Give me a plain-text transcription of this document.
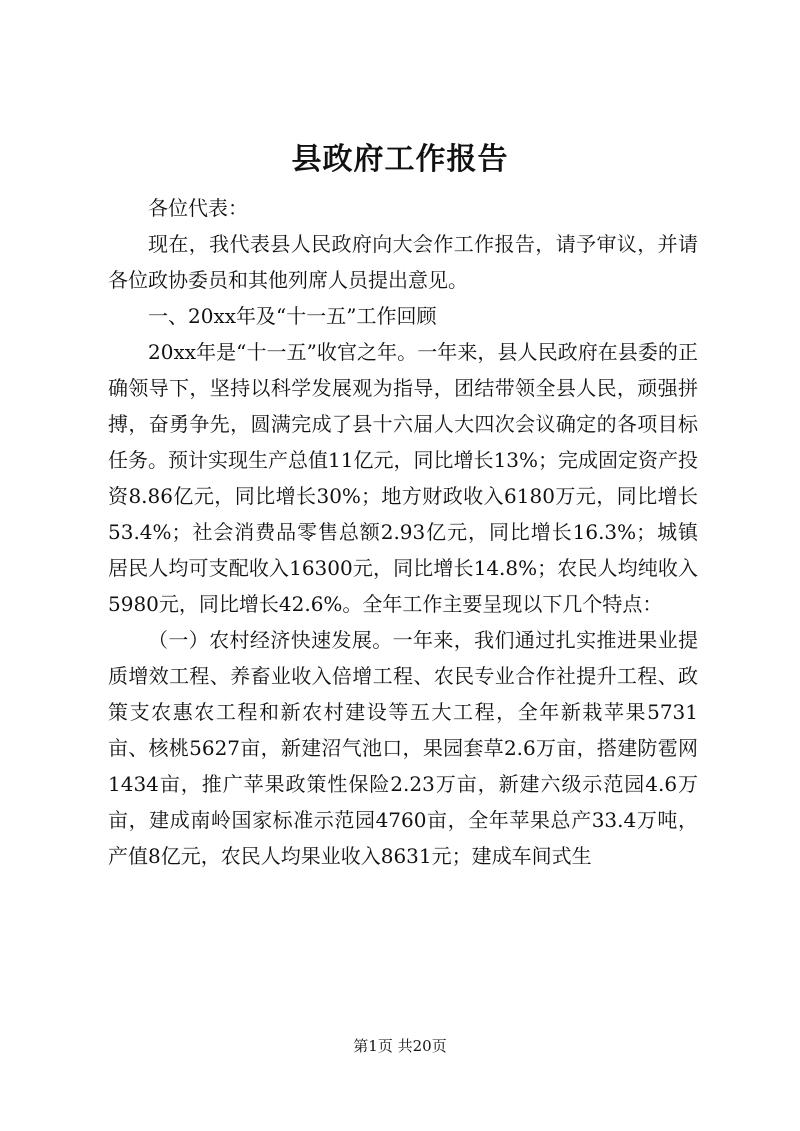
县政府工作报告

各位代表：

现在，我代表县人民政府向大会作工作报告，请予审议，并请各位政协委员和其他列席人员提出意见。

一、20xx年及“十一五”工作回顾

20xx年是“十一五”收官之年。一年来，县人民政府在县委的正确领导下，坚持以科学发展观为指导，团结带领全县人民，顽强拼搏，奋勇争先，圆满完成了县十六届人大四次会议确定的各项目标任务。预计实现生产总值11亿元，同比增长13%；完成固定资产投资8.86亿元，同比增长30%；地方财政收入6180万元，同比增长53.4%；社会消费品零售总额2.93亿元，同比增长16.3%；城镇居民人均可支配收入16300元，同比增长14.8%；农民人均纯收入5980元，同比增长42.6%。全年工作主要呈现以下几个特点：

（一）农村经济快速发展。一年来，我们通过扎实推进果业提质增效工程、养畜业收入倍增工程、农民专业合作社提升工程、政策支农惠农工程和新农村建设等五大工程，全年新栽苹果5731亩、核桃5627亩，新建沼气池口，果园套草2.6万亩，搭建防雹网1434亩，推广苹果政策性保险2.23万亩，新建六级示范园4.6万亩，建成南岭国家标准示范园4760亩，全年苹果总产33.4万吨，产值8亿元，农民人均果业收入8631元；建成车间式生

第1页 共20页
